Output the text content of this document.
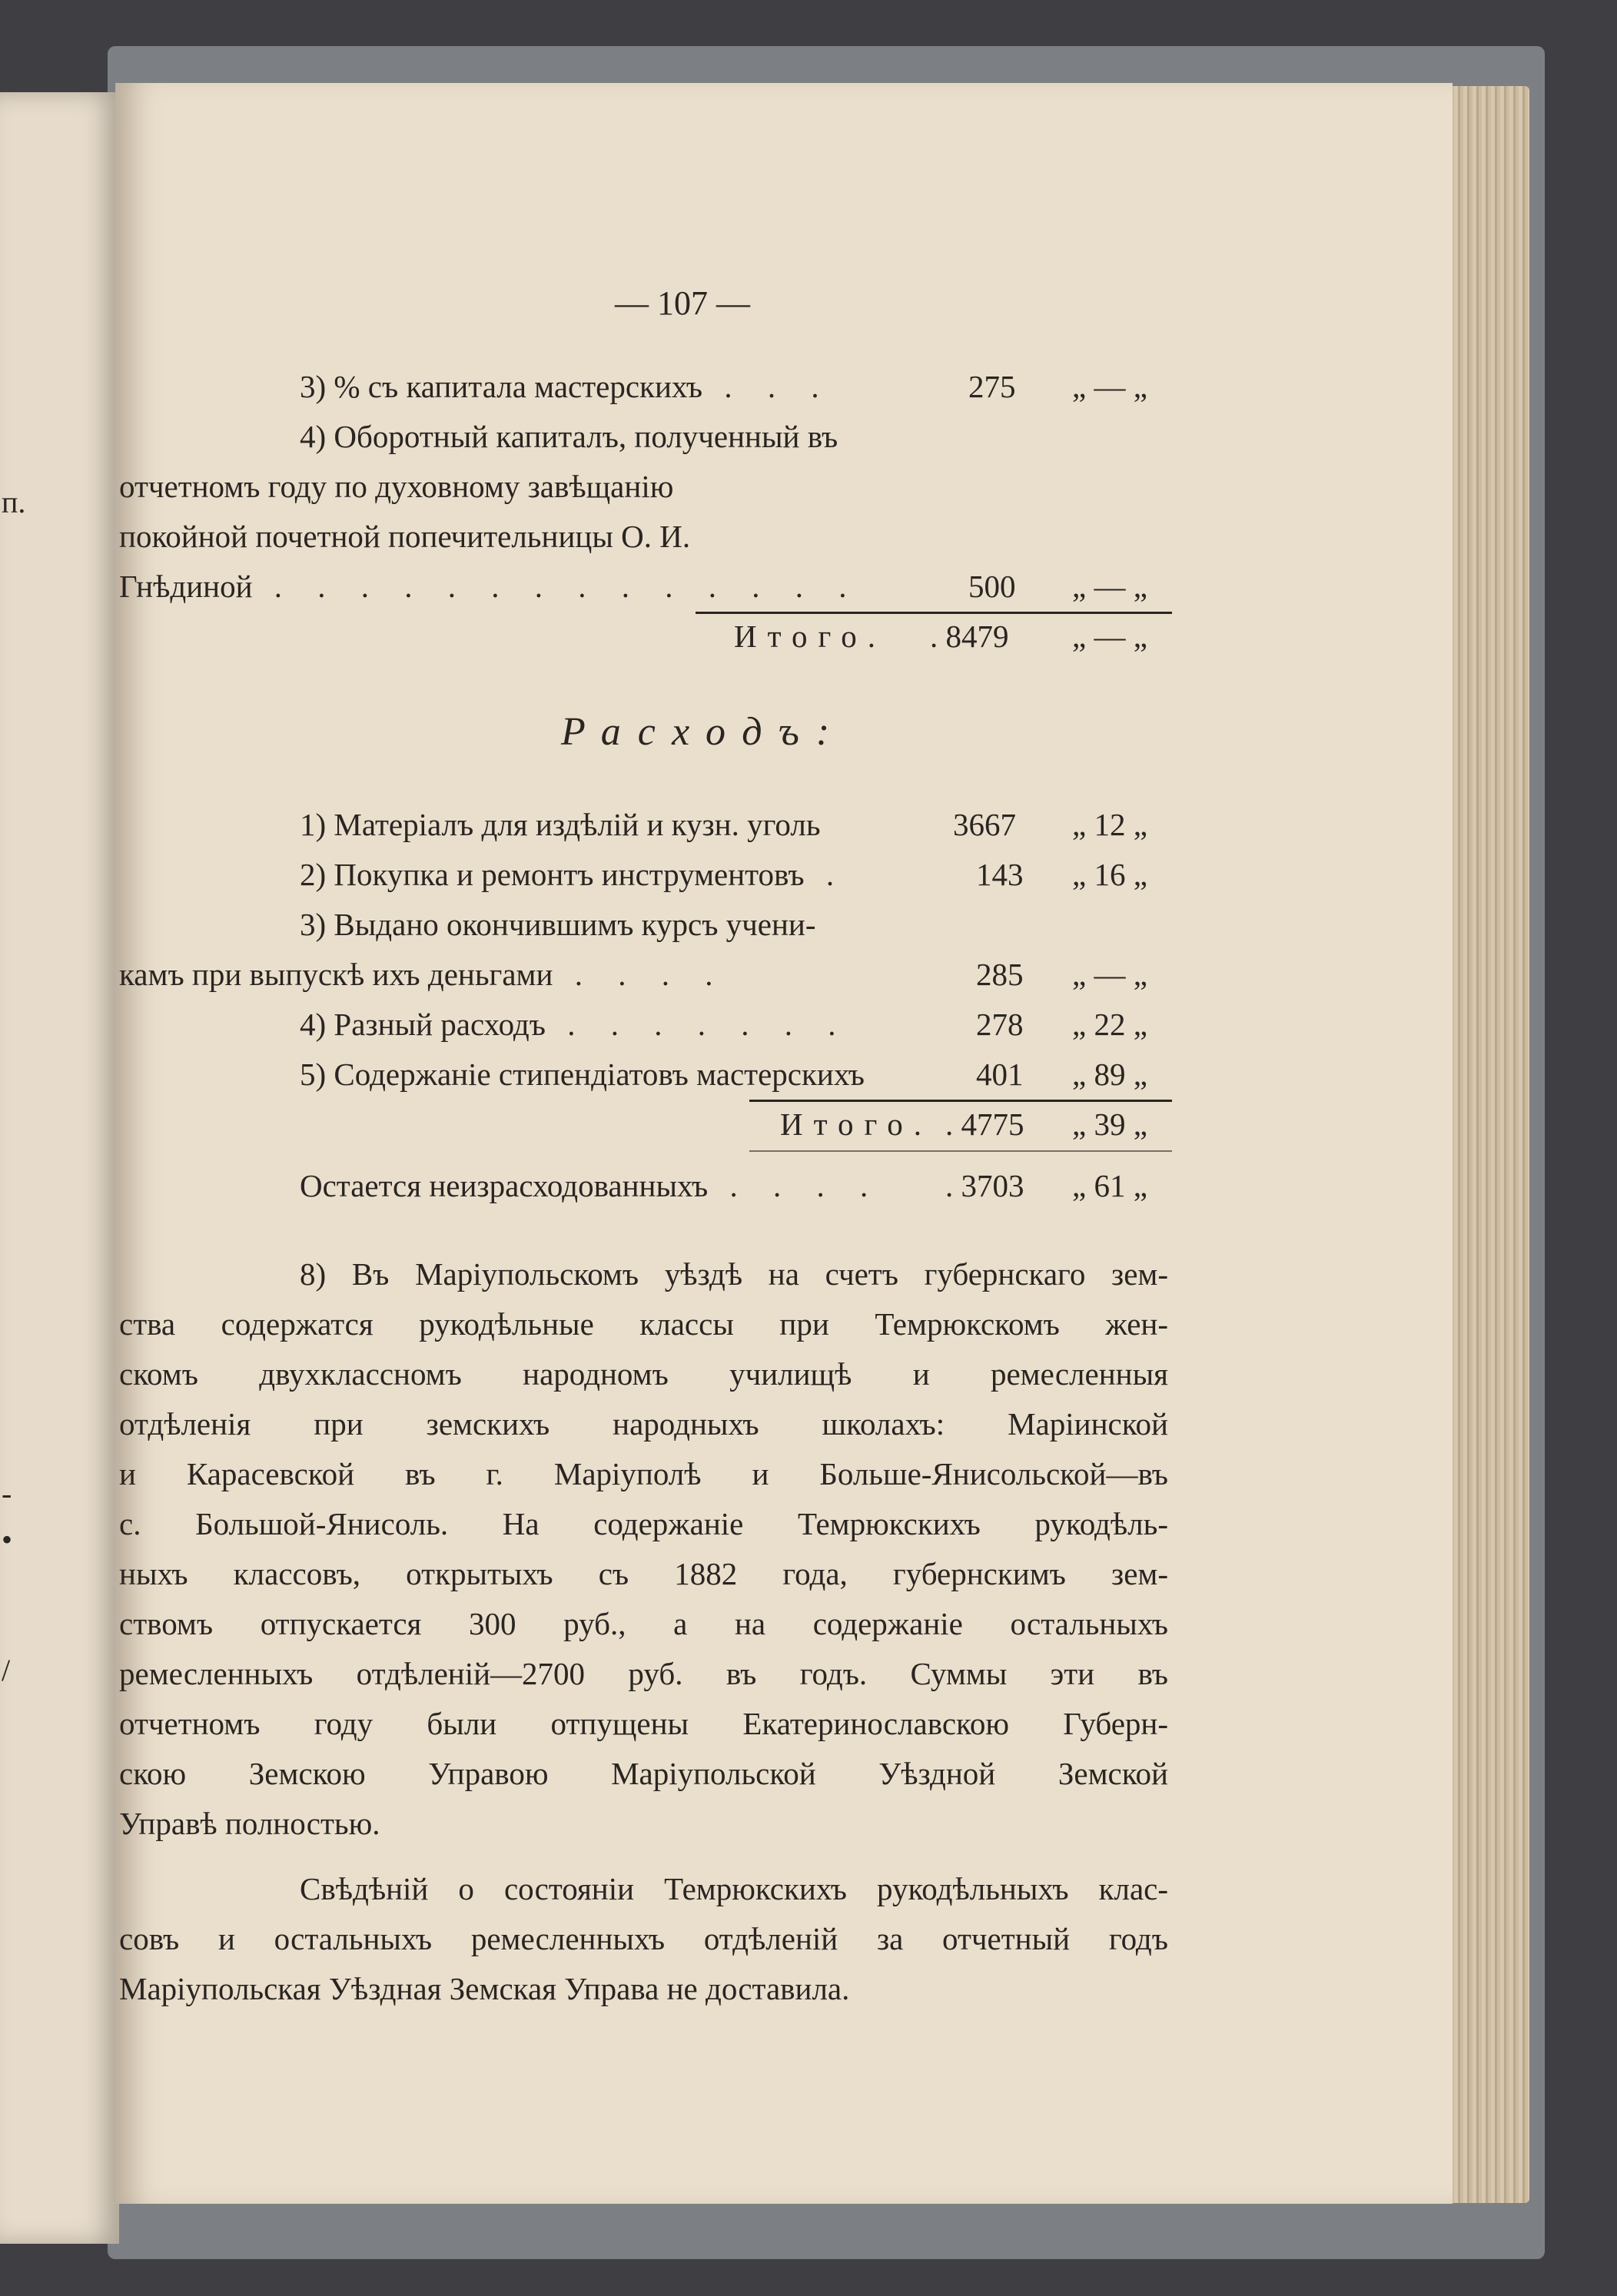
п.
-
•
/
— 107 —
3) % съ капитала мастерскихъ . . .	275 „ — „
4) Оборотный капиталъ, полученный въ
отчетномъ году по духовному завѣщанію
покойной почетной попечительницы О. И.
Гнѣдиной . . . . . . . . . . . . . .	500 „ — „
Итого. . 8479 „ — „
Расходъ:
1) Матеріалъ для издѣлій и кузн. уголь	3667 „ 12 „
2) Покупка и ремонтъ инструментовъ .	143 „ 16 „
3) Выдано окончившимъ курсъ учени-
камъ при выпускѣ ихъ деньгами . . . .	285 „ — „
4) Разный расходъ . . . . . . .	278 „ 22 „
5) Содержаніе стипендіатовъ мастерскихъ	401 „ 89 „
Итого. . 4775 „ 39 „
Остается неизрасходованныхъ . . . . . 3703 „ 61 „
8) Въ Маріупольскомъ уѣздѣ на счетъ губернскаго зем-
ства содержатся рукодѣльные классы при Темрюкскомъ жен-
скомъ двухклассномъ народномъ училищѣ и ремесленныя
отдѣленія при земскихъ народныхъ школахъ: Маріинской
и Карасевской въ г. Маріуполѣ и Больше-Янисольской—въ
с. Большой-Янисоль. На содержаніе Темрюкскихъ рукодѣль-
ныхъ классовъ, открытыхъ съ 1882 года, губернскимъ зем-
ствомъ отпускается 300 руб., а на содержаніе остальныхъ
ремесленныхъ отдѣленій—2700 руб. въ годъ. Суммы эти въ
отчетномъ году были отпущены Екатеринославскою Губерн-
скою Земскою Управою Маріупольской Уѣздной Земской
Управѣ полностью.
Свѣдѣній о состояніи Темрюкскихъ рукодѣльныхъ клас-
совъ и остальныхъ ремесленныхъ отдѣленій за отчетный годъ
Маріупольская Уѣздная Земская Управа не доставила.
